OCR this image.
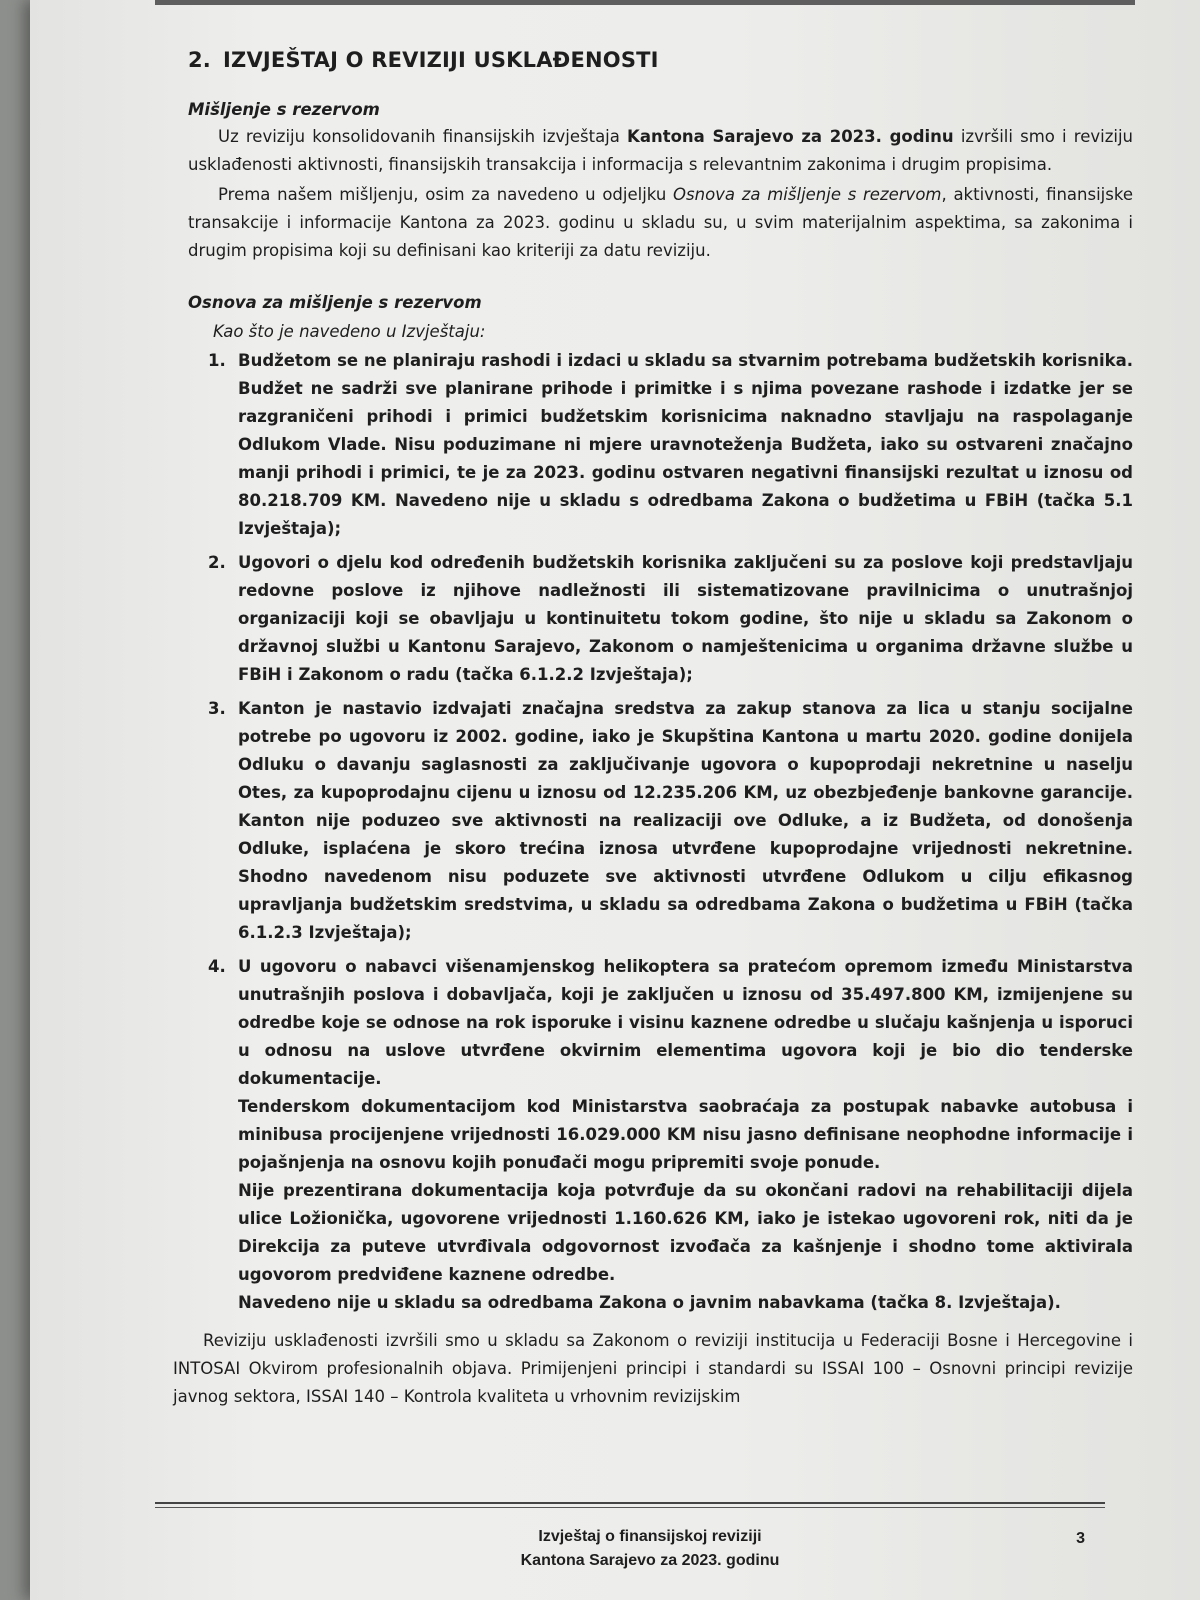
2. IZVJEŠTAJ O REVIZIJI USKLAĐENOSTI
Mišljenje s rezervom

Uz reviziju konsolidovanih finansijskih izvještaja Kantona Sarajevo za 2023. godinu izvršili smo i reviziju usklađenosti aktivnosti, finansijskih transakcija i informacija s relevantnim zakonima i drugim propisima.

Prema našem mišljenju, osim za navedeno u odjeljku Osnova za mišljenje s rezervom, aktivnosti, finansijske transakcije i informacije Kantona za 2023. godinu u skladu su, u svim materijalnim aspektima, sa zakonima i drugim propisima koji su definisani kao kriteriji za datu reviziju.

Osnova za mišljenje s rezervom
Kao što je navedeno u Izvještaju:
1. Budžetom se ne planiraju rashodi i izdaci u skladu sa stvarnim potrebama budžetskih korisnika. Budžet ne sadrži sve planirane prihode i primitke i s njima povezane rashode i izdatke jer se razgraničeni prihodi i primici budžetskim korisnicima naknadno stavljaju na raspolaganje Odlukom Vlade. Nisu poduzimane ni mjere uravnoteženja Budžeta, iako su ostvareni značajno manji prihodi i primici, te je za 2023. godinu ostvaren negativni finansijski rezultat u iznosu od 80.218.709 KM. Navedeno nije u skladu s odredbama Zakona o budžetima u FBiH (tačka 5.1 Izvještaja);
2. Ugovori o djelu kod određenih budžetskih korisnika zaključeni su za poslove koji predstavljaju redovne poslove iz njihove nadležnosti ili sistematizovane pravilnicima o unutrašnjoj organizaciji koji se obavljaju u kontinuitetu tokom godine, što nije u skladu sa Zakonom o državnoj službi u Kantonu Sarajevo, Zakonom o namještenicima u organima državne službe u FBiH i Zakonom o radu (tačka 6.1.2.2 Izvještaja);
3. Kanton je nastavio izdvajati značajna sredstva za zakup stanova za lica u stanju socijalne potrebe po ugovoru iz 2002. godine, iako je Skupština Kantona u martu 2020. godine donijela Odluku o davanju saglasnosti za zaključivanje ugovora o kupoprodaji nekretnine u naselju Otes, za kupoprodajnu cijenu u iznosu od 12.235.206 KM, uz obezbjeđenje bankovne garancije. Kanton nije poduzeo sve aktivnosti na realizaciji ove Odluke, a iz Budžeta, od donošenja Odluke, isplaćena je skoro trećina iznosa utvrđene kupoprodajne vrijednosti nekretnine. Shodno navedenom nisu poduzete sve aktivnosti utvrđene Odlukom u cilju efikasnog upravljanja budžetskim sredstvima, u skladu sa odredbama Zakona o budžetima u FBiH (tačka 6.1.2.3 Izvještaja);
4. U ugovoru o nabavci višenamjenskog helikoptera sa pratećom opremom između Ministarstva unutrašnjih poslova i dobavljača, koji je zaključen u iznosu od 35.497.800 KM, izmijenjene su odredbe koje se odnose na rok isporuke i visinu kaznene odredbe u slučaju kašnjenja u isporuci u odnosu na uslove utvrđene okvirnim elementima ugovora koji je bio dio tenderske dokumentacije.
Tenderskom dokumentacijom kod Ministarstva saobraćaja za postupak nabavke autobusa i minibusa procijenjene vrijednosti 16.029.000 KM nisu jasno definisane neophodne informacije i pojašnjenja na osnovu kojih ponuđači mogu pripremiti svoje ponude.
Nije prezentirana dokumentacija koja potvrđuje da su okončani radovi na rehabilitaciji dijela ulice Ložionička, ugovorene vrijednosti 1.160.626 KM, iako je istekao ugovoreni rok, niti da je Direkcija za puteve utvrđivala odgovornost izvođača za kašnjenje i shodno tome aktivirala ugovorom predviđene kaznene odredbe.
Navedeno nije u skladu sa odredbama Zakona o javnim nabavkama (tačka 8. Izvještaja).

Reviziju usklađenosti izvršili smo u skladu sa Zakonom o reviziji institucija u Federaciji Bosne i Hercegovine i INTOSAI Okvirom profesionalnih objava. Primijenjeni principi i standardi su ISSAI 100 – Osnovni principi revizije javnog sektora, ISSAI 140 – Kontrola kvaliteta u vrhovnim revizijskim

Izvještaj o finansijskoj reviziji
Kantona Sarajevo za 2023. godinu
3
